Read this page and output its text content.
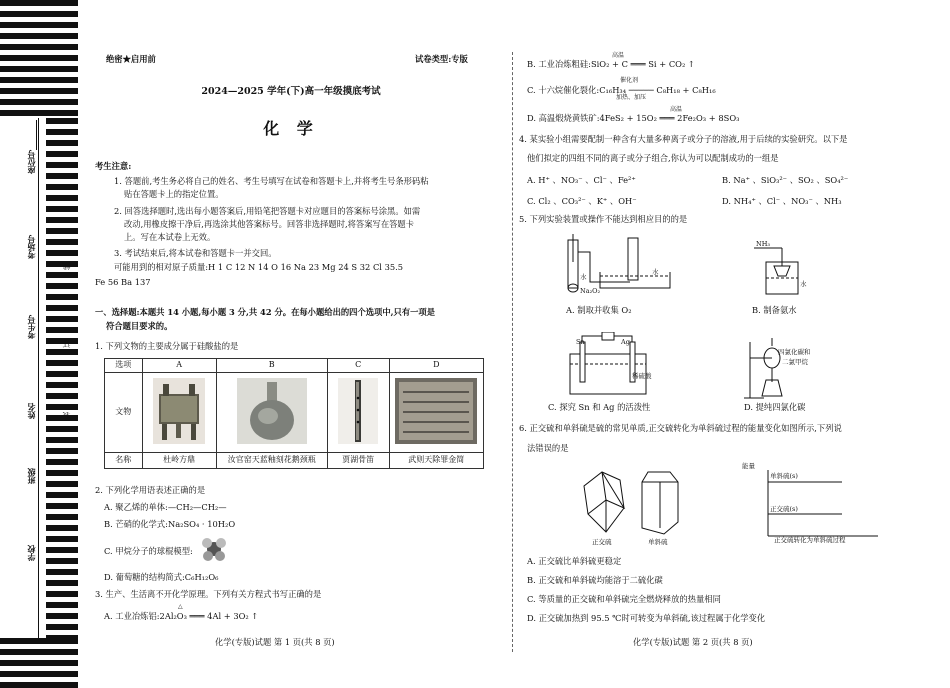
座位号
考场号
考生号
姓名
班级
学校
线
订
装
绝密★启用前	试卷类型:专版
2024—2025 学年(下)高一年级摸底考试
化 学
考生注意:
1. 答题前,考生务必将自己的姓名、考生号填写在试卷和答题卡上,并将考生号条形码粘
贴在答题卡上的指定位置。
2. 回答选择题时,选出每小题答案后,用铅笔把答题卡对应题目的答案标号涂黑。如需
改动,用橡皮擦干净后,再选涂其他答案标号。回答非选择题时,将答案写在答题卡
上。写在本试卷上无效。
3. 考试结束后,将本试卷和答题卡一并交回。
可能用到的相对原子质量:H 1 C 12 N 14 O 16 Na 23 Mg 24 S 32 Cl 35.5
Fe 56 Ba 137
一、选择题:本题共 14 小题,每小题 3 分,共 42 分。在每小题给出的四个选项中,只有一项是
符合题目要求的。
1. 下列文物的主要成分属于硅酸盐的是
选项	A	B	C	D
文物				
名称	杜岭方鼎	汝官窑天蓝釉刻花鹅颈瓶	贾湖骨笛	武则天除罪金简
2. 下列化学用语表述正确的是
A. 聚乙烯的单体:—CH₂—CH₂—
B. 芒硝的化学式:Na₂SO₄ · 10H₂O
C. 甲烷分子的球棍模型:
D. 葡萄糖的结构简式:C₆H₁₂O₆
3. 生产、生活离不开化学原理。下列有关方程式书写正确的是
△
A. 工业冶炼铝:2Al₂O₃ ═══ 4Al + 3O₂ ↑
化学(专版)试题 第 1 页(共 8 页)
高温
B. 工业冶炼粗硅:SiO₂ + C ═══ Si + CO₂ ↑
催化剂
加热、加压
C. 十六烷催化裂化:C₁₆H₃₄ ───── C₈H₁₈ + C₈H₁₆
高温
D. 高温煅烧黄铁矿:4FeS₂ + 15O₂ ═══ 2Fe₂O₃ + 8SO₃
4. 某实验小组需要配制一种含有大量多种离子或分子的溶液,用于后续的实验研究。以下是
他们拟定的四组不同的离子或分子组合,你认为可以配制成功的一组是
A. H⁺ 、NO₃⁻ 、Cl⁻ 、Fe²⁺	B. Na⁺ 、SiO₃²⁻ 、SO₂ 、SO₄²⁻
C. Cl₂ 、CO₃²⁻ 、K⁺ 、OH⁻	D. NH₄⁺ 、Cl⁻ 、NO₃⁻ 、NH₃
5. 下列实验装置或操作不能达到相应目的的是
水
Na₂O₂
水
A. 制取并收集 O₂
NH₃
水
B. 制备氨水
Sn	Ag
稀硫酸
C. 探究 Sn 和 Ag 的活泼性
四氯化碳和
二氯甲烷
D. 提纯四氯化碳
6. 正交硫和单斜硫是硫的常见单质,正交硫转化为单斜硫过程的能量变化如图所示,下列说
法错误的是
正交硫	单斜硫
能量
单斜硫(s)
正交硫(s)
正交硫转化为单斜硫过程
A. 正交硫比单斜硫更稳定
B. 正交硫和单斜硫均能溶于二硫化碳
C. 等质量的正交硫和单斜硫完全燃烧释放的热量相同
D. 正交硫加热到 95.5 ℃时可转变为单斜硫,该过程属于化学变化
化学(专版)试题 第 2 页(共 8 页)
